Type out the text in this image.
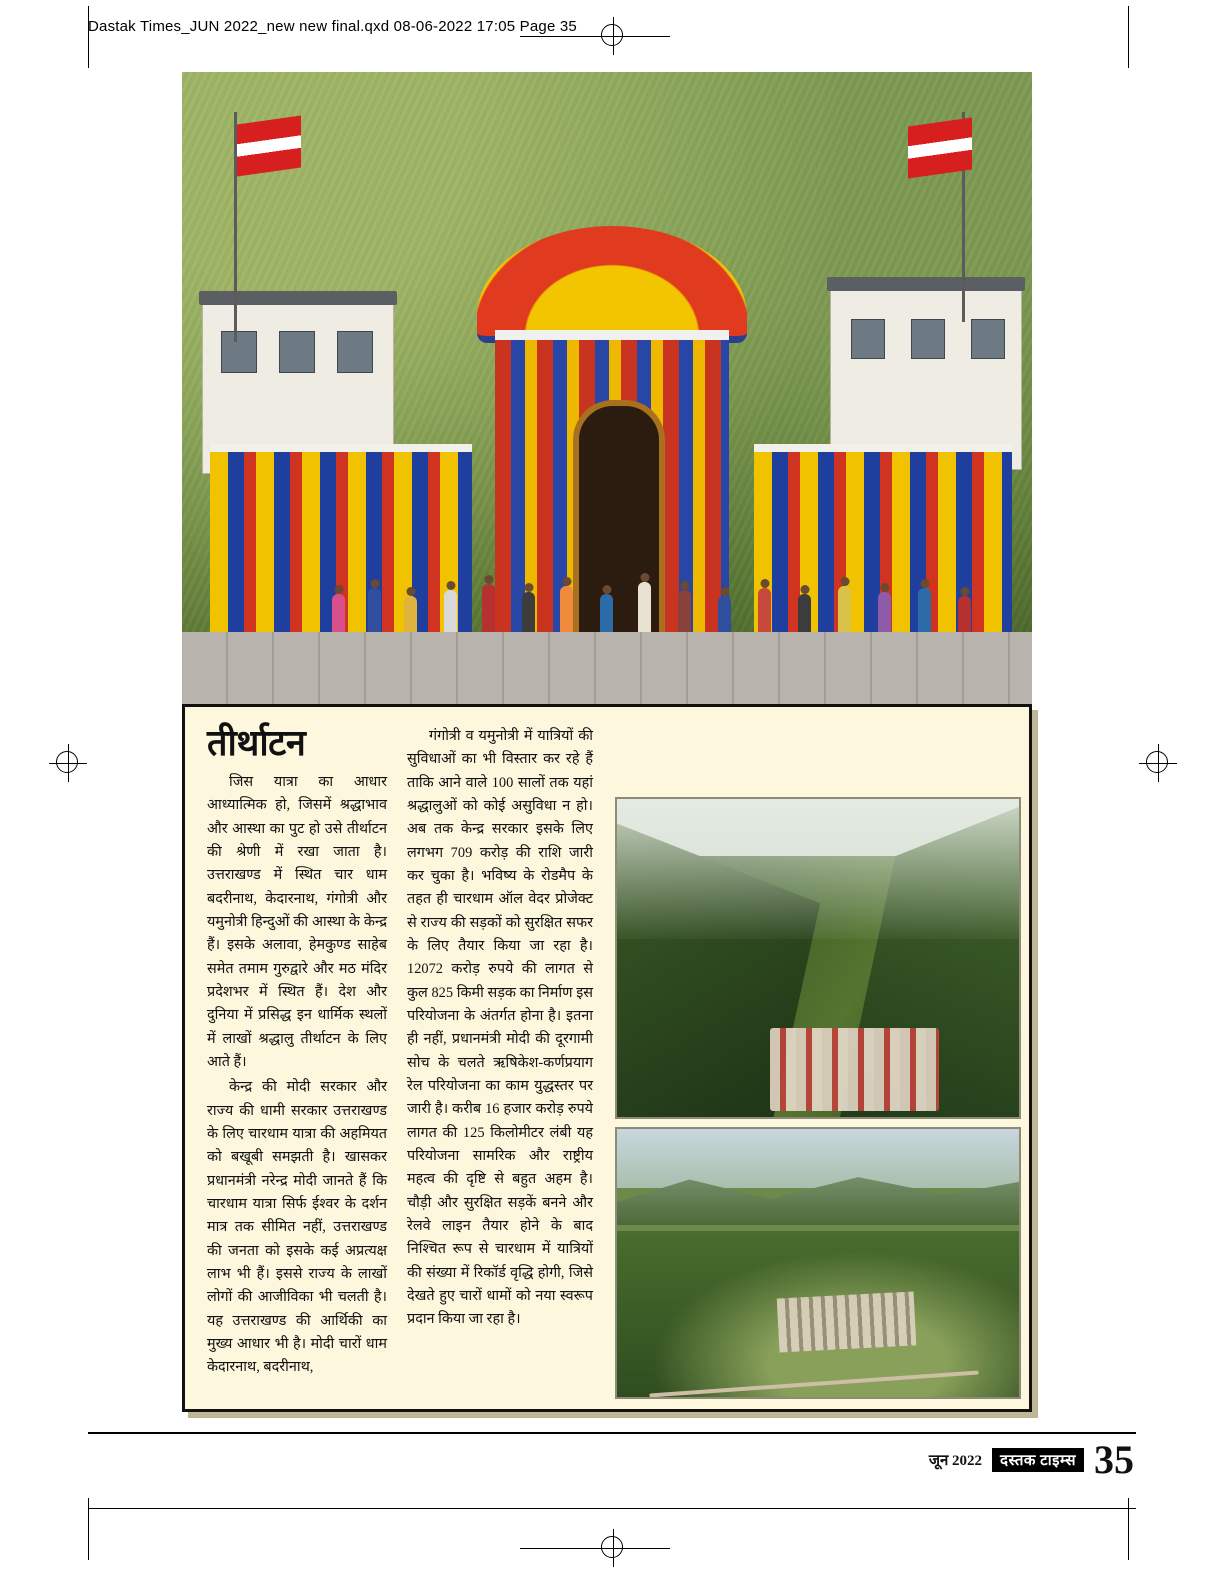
Dastak Times_JUN 2022_new new final.qxd 08-06-2022 17:05 Page 35
तीर्थाटन

जिस यात्रा का आधार आध्यात्मिक हो, जिसमें श्रद्धाभाव और आस्था का पुट हो उसे तीर्थाटन की श्रेणी में रखा जाता है।उत्तराखण्ड में स्थित चार धाम बदरीनाथ, केदारनाथ, गंगोत्री और यमुनोत्री हिन्दुओं की आस्था के केन्द्र हैं। इसके अलावा, हेमकुण्ड साहेब समेत तमाम गुरुद्वारे और मठ मंदिर प्रदेशभर में स्थित हैं। देश और दुनिया में प्रसिद्ध इन धार्मिक स्थलों में लाखों श्रद्धालु तीर्थाटन के लिए आते हैं।

केन्द्र की मोदी सरकार और राज्य की धामी सरकार उत्तराखण्ड के लिए चारधाम यात्रा की अहमियत को बखूबी समझती है। खासकर प्रधानमंत्री नरेन्द्र मोदी जानते हैं कि चारधाम यात्रा सिर्फ ईश्वर के दर्शन मात्र तक सीमित नहीं, उत्तराखण्ड की जनता को इसके कई अप्रत्यक्ष लाभ भी हैं। इससे राज्य के लाखों लोगों की आजीविका भी चलती है।यह उत्तराखण्ड की आर्थिकी का मुख्य आधार भी है। मोदी चारों धाम केदारनाथ, बदरीनाथ,

गंगोत्री व यमुनोत्री में यात्रियों की सुविधाओं का भी विस्तार कर रहे हैं ताकि आने वाले 100 सालों तक यहां श्रद्धालुओं को कोई असुविधा न हो। अब तक केन्द्र सरकार इसके लिए लगभग 709 करोड़ की राशि जारी कर चुका है। भविष्य के रोडमैप के तहत ही चारधाम ऑल वेदर प्रोजेक्ट से राज्य की सड़कों को सुरक्षित सफर के लिए तैयार किया जा रहा है। 12072 करोड़ रुपये की लागत से कुल 825 किमी सड़क का निर्माण इस परियोजना के अंतर्गत होना है। इतना ही नहीं, प्रधानमंत्री मोदी की दूरगामी सोच के चलते ऋषिकेश-कर्णप्रयाग रेल परियोजना का काम युद्धस्तर पर जारी है। करीब 16 हजार करोड़ रुपये लागत की 125 किलोमीटर लंबी यह परियोजना सामरिक और राष्ट्रीय महत्व की दृष्टि से बहुत अहम है। चौड़ी और सुरक्षित सड़कें बनने और रेलवे लाइन तैयार होने के बाद निश्चित रूप से चारधाम में यात्रियों की संख्या में रिकॉर्ड वृद्धि होगी, जिसे देखते हुए चारों धामों को नया स्वरूप प्रदान किया जा रहा है।

जून 2022	दस्तक टाइम्स 35
